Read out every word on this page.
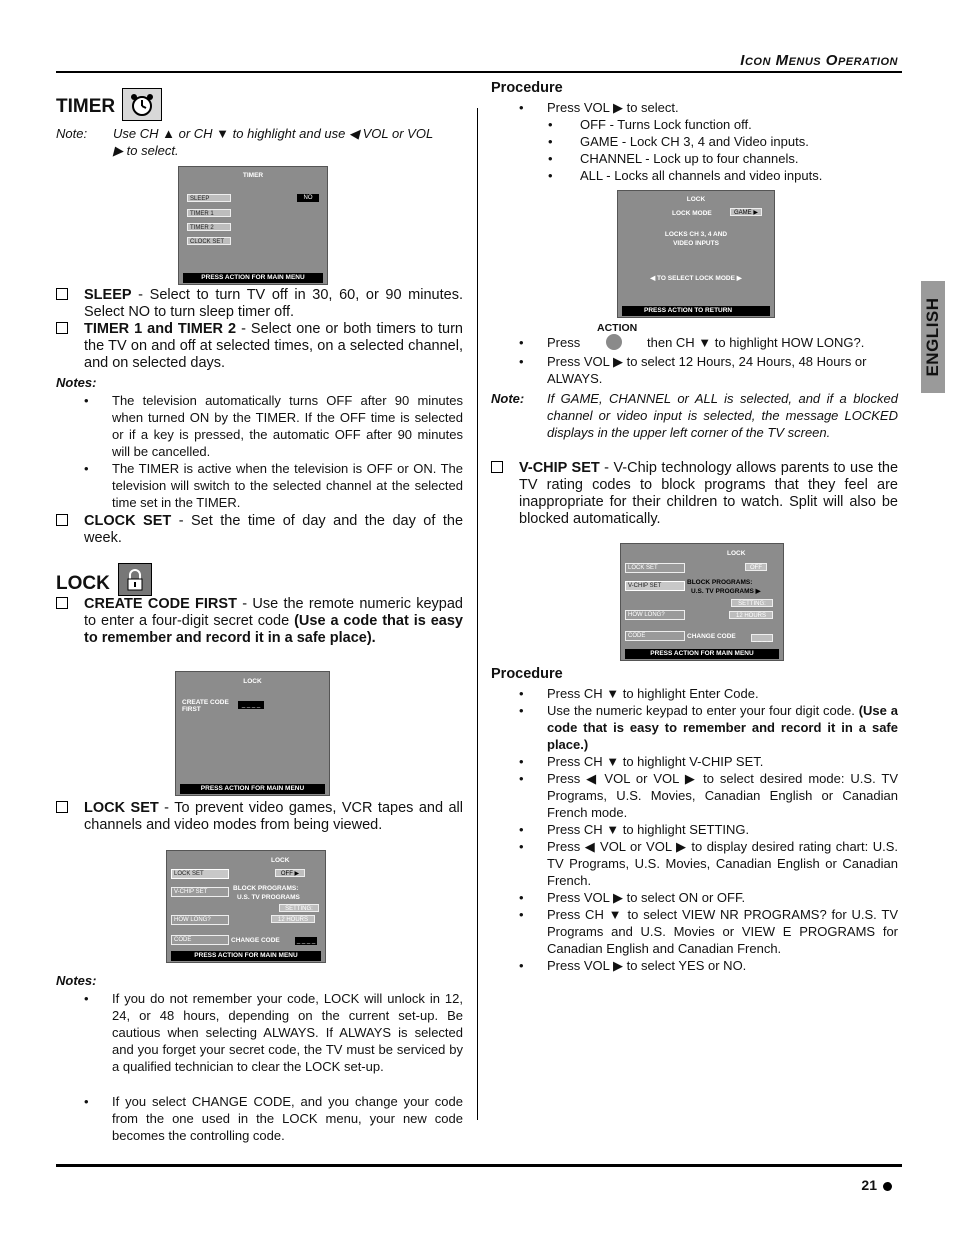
Icon Menus Operation
ENGLISH
TIMER
Note:	Use CH ▲ or CH ▼ to highlight and use ◀ VOL or VOL ▶ to select.
TIMER
SLEEP	NO
TIMER 1
TIMER 2
CLOCK SET
PRESS ACTION FOR MAIN MENU
SLEEP - Select to turn TV off in 30, 60, or 90 minutes. Select NO to turn sleep timer off.
TIMER 1 and TIMER 2 - Select one or both timers to turn the TV on and off at selected times, on a selected channel, and on selected days.
Notes:
•	The television automatically turns OFF after 90 minutes when turned ON by the TIMER. If the OFF time is selected or if a key is pressed, the automatic OFF after 90 minutes will be cancelled.
•	The TIMER is active when the television is OFF or ON. The television will switch to the selected channel at the selected time set in the TIMER.
CLOCK SET - Set the time of day and the day of the week.
LOCK
CREATE CODE FIRST - Use the remote numeric keypad to enter a four-digit secret code (Use a code that is easy to remember and record it in a safe place).
LOCK
CREATE CODE FIRST
_ _ _ _
PRESS ACTION FOR MAIN MENU
LOCK SET - To prevent video games, VCR tapes and all channels and video modes from being viewed.
LOCK
LOCK SET	OFF ▶
V-CHIP SET	BLOCK PROGRAMS:
U.S. TV PROGRAMS
SETTING:
HOW LONG?	12 HOURS
CODE	CHANGE CODE	_ _ _ _
PRESS ACTION FOR MAIN MENU
Notes:
•	If you do not remember your code, LOCK will unlock in 12, 24, or 48 hours, depending on the current set-up. Be cautious when selecting ALWAYS. If ALWAYS is selected and you forget your secret code, the TV must be serviced by a qualified technician to clear the LOCK set-up.
•	If you select CHANGE CODE, and you change your code from the one used in the LOCK menu, your new code becomes the controlling code.
Procedure
•	Press VOL ▶ to select.
•	OFF - Turns Lock function off.
•	GAME - Lock CH 3, 4 and Video inputs.
•	CHANNEL - Lock up to four channels.
•	ALL - Locks all channels and video inputs.
LOCK
LOCK MODE	GAME ▶
LOCKS CH 3, 4 AND
VIDEO INPUTS
◀ TO SELECT LOCK MODE ▶
PRESS ACTION TO RETURN
ACTION
• Press	then CH ▼ to highlight HOW LONG?.
•	Press VOL ▶ to select 12 Hours, 24 Hours, 48 Hours or ALWAYS.
Note: If GAME, CHANNEL or ALL is selected, and if a blocked channel or video input is selected, the message LOCKED displays in the upper left corner of the TV screen.
V-CHIP SET - V-Chip technology allows parents to use the TV rating codes to block programs that they feel are inappropriate for their children to watch. Split will also be blocked automatically.
LOCK
LOCK SET	OFF
V-CHIP SET	BLOCK PROGRAMS:
U.S. TV PROGRAMS ▶
SETTING:
HOW LONG?	12 HOURS
CODE	CHANGE CODE	_ _ _ _
PRESS ACTION FOR MAIN MENU
Procedure
•	Press CH ▼ to highlight Enter Code.
•	Use the numeric keypad to enter your four digit code. (Use a code that is easy to remember and record it in a safe place.)
•	Press CH ▼ to highlight V-CHIP SET.
•	Press ◀ VOL or VOL ▶ to select desired mode: U.S. TV Programs, U.S. Movies, Canadian English or Canadian French mode.
•	Press CH ▼ to highlight SETTING.
•	Press ◀ VOL or VOL ▶ to display desired rating chart: U.S. TV Programs, U.S. Movies, Canadian English or Canadian French.
•	Press VOL ▶ to select ON or OFF.
•	Press CH ▼ to select VIEW NR PROGRAMS? for U.S. TV Programs and U.S. Movies or VIEW E PROGRAMS for Canadian English and Canadian French.
•	Press VOL ▶ to select YES or NO.
21
